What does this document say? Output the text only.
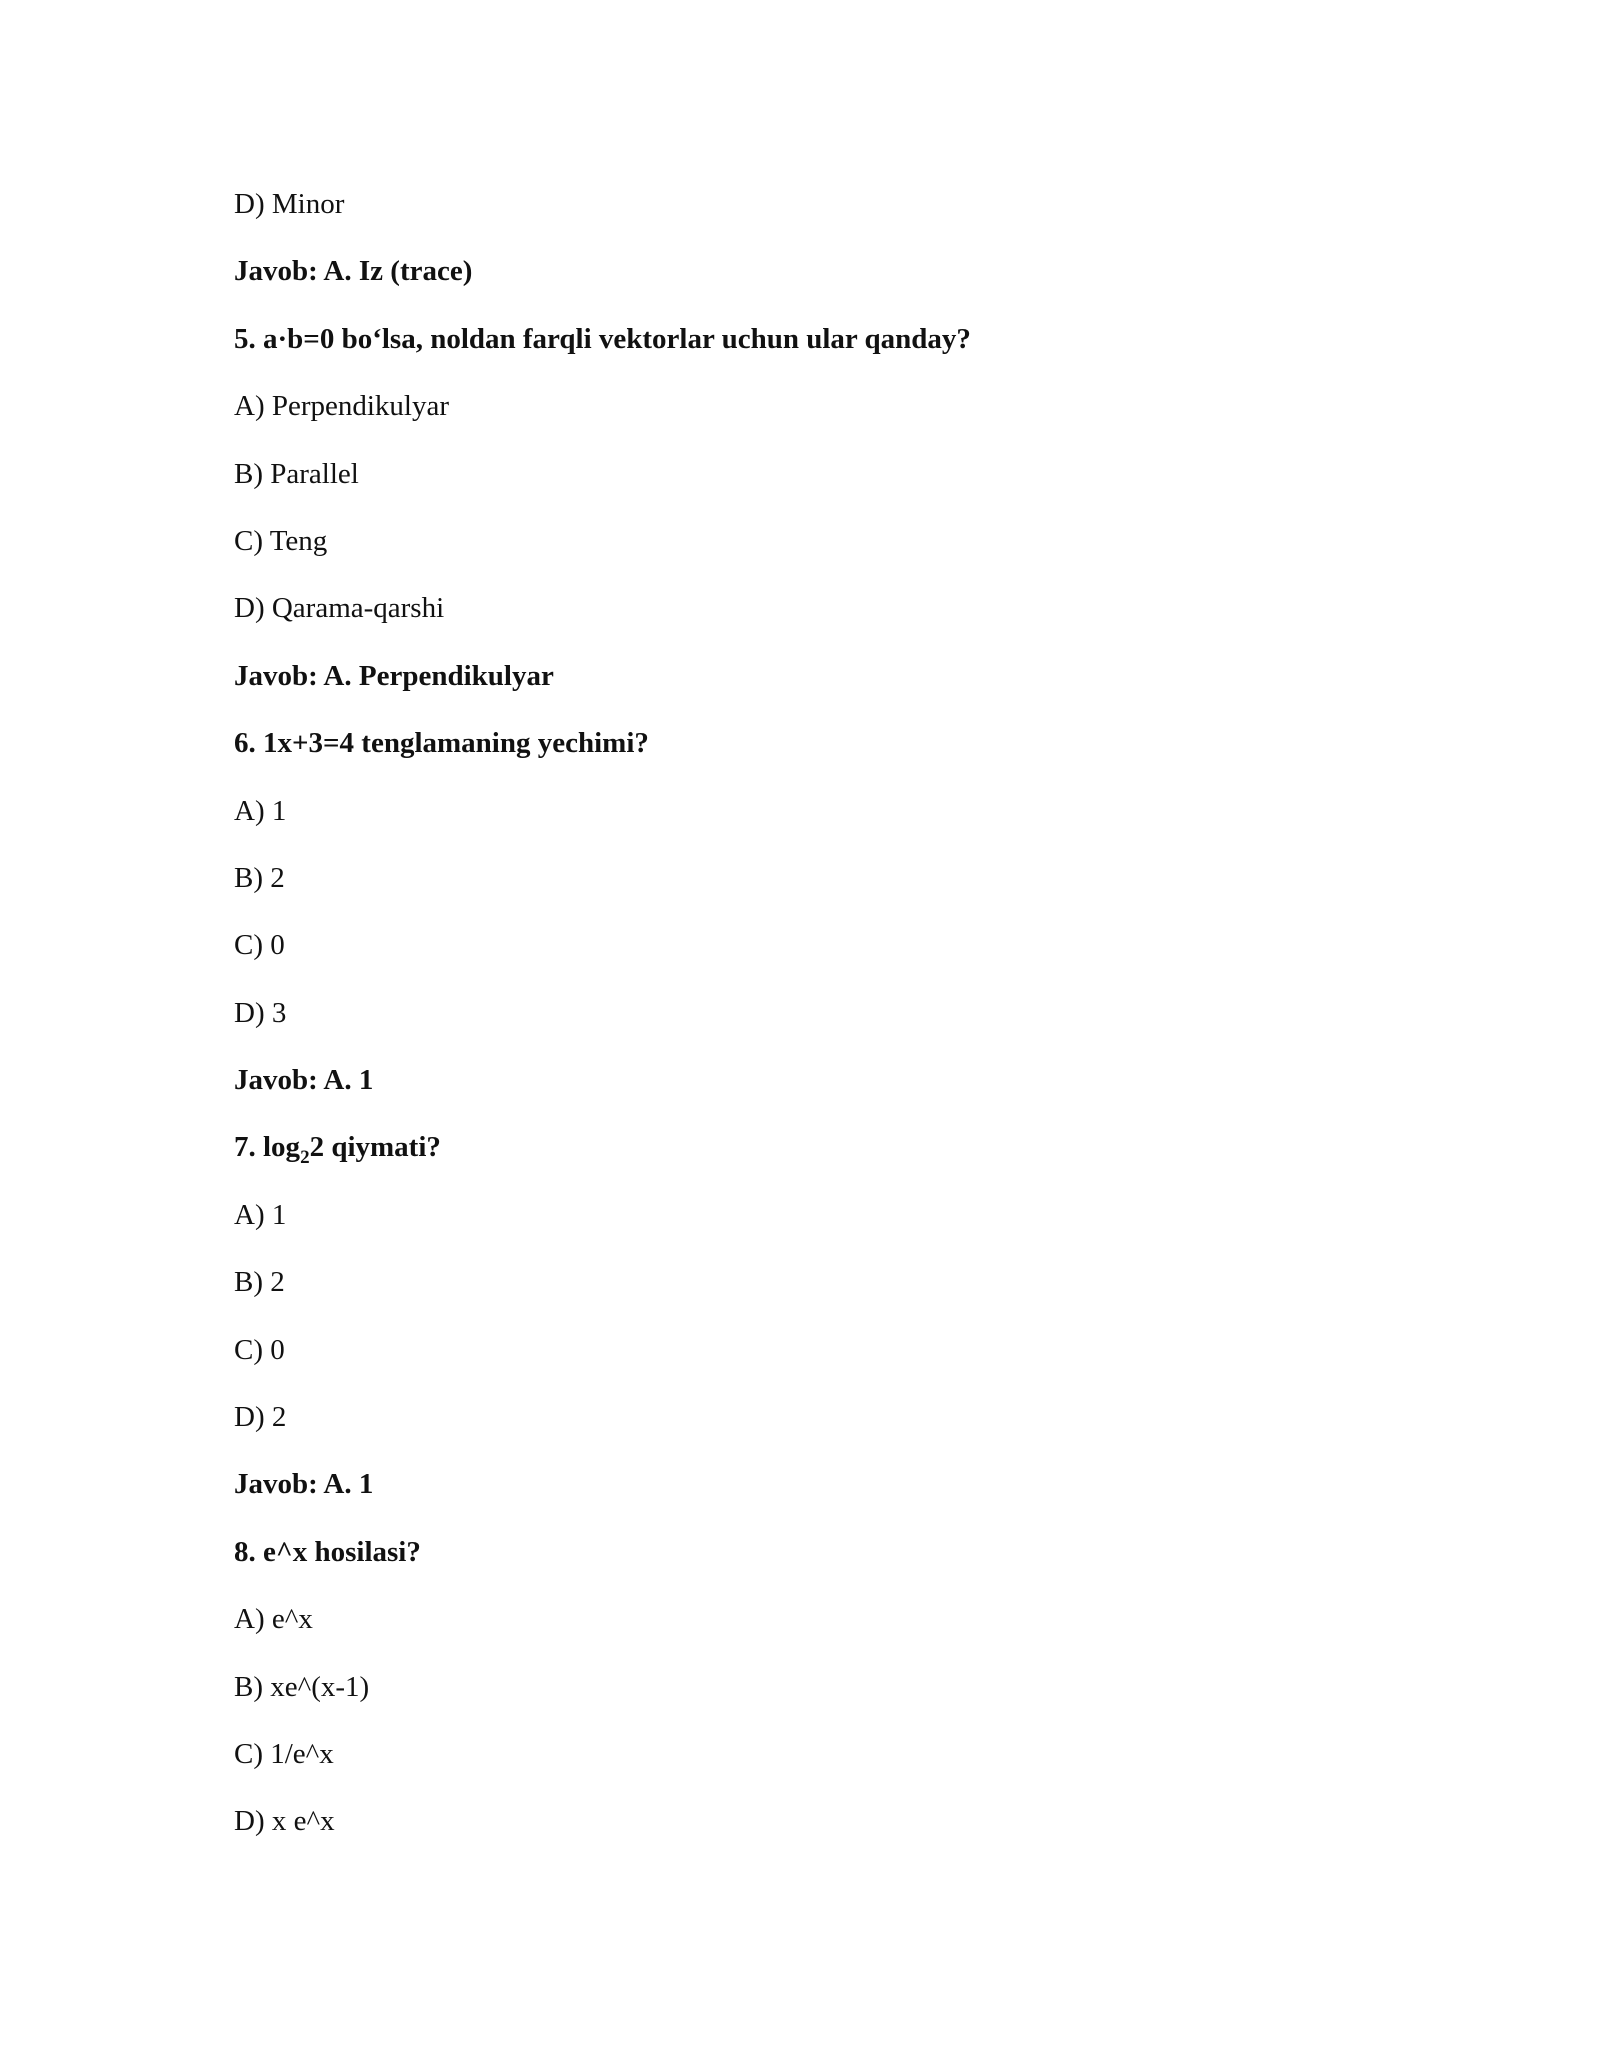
D) Minor
Javob: A. Iz (trace)
5. a·b=0 bo‘lsa, noldan farqli vektorlar uchun ular qanday?
A) Perpendikulyar
B) Parallel
C) Teng
D) Qarama-qarshi
Javob: A. Perpendikulyar
6. 1x+3=4 tenglamaning yechimi?
A) 1
B) 2
C) 0
D) 3
Javob: A. 1
7. $\log_22$ qiymati?
A) 1
B) 2
C) 0
D) 2
Javob: A. 1
8. e^x hosilasi?
A) e^x
B) xe^(x-1)
C) 1/e^x
D) x e^x
